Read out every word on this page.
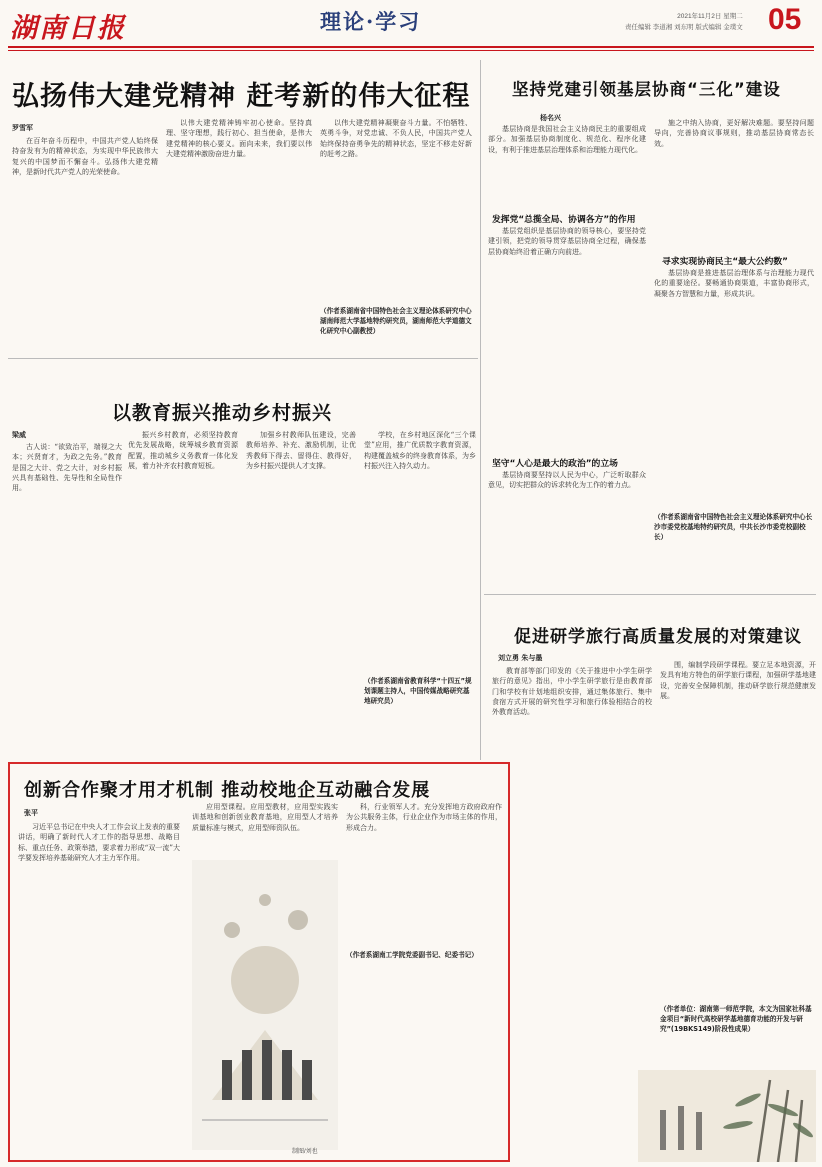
湖南日报	理论·学习	2021年11月2日 星期二
责任编辑 李道湘 刘东明 版式编辑 金璞文 05
弘扬伟大建党精神 赶考新的伟大征程
罗雪军

在百年奋斗历程中，中国共产党人始终保持奋发有为的精神状态，为实现中华民族伟大复兴的中国梦而不懈奋斗。弘扬伟大建党精神，是新时代共产党人的光荣使命。

以伟大建党精神铸牢初心使命。坚持真理、坚守理想，践行初心、担当使命，是伟大建党精神的核心要义。面向未来，我们要以伟大建党精神激励奋进力量。

以伟大建党精神凝聚奋斗力量。不怕牺牲、英勇斗争，对党忠诚、不负人民，中国共产党人始终保持奋勇争先的精神状态，坚定不移走好新的赶考之路。

（作者系湖南省中国特色社会主义理论体系研究中心湖南师范大学基地特约研究员，湖南师范大学道德文化研究中心副教授）
坚持党建引领基层协商“三化”建设
杨名兴

基层协商是我国社会主义协商民主的重要组成部分。加强基层协商制度化、规范化、程序化建设，有利于推进基层治理体系和治理能力现代化。

发挥党“总揽全局、协调各方”的作用

基层党组织是基层协商的领导核心，要坚持党建引领，把党的领导贯穿基层协商全过程，确保基层协商始终沿着正确方向前进。

坚守“人心是最大的政治”的立场

基层协商要坚持以人民为中心，广泛听取群众意见，切实把群众的诉求转化为工作的着力点。

施之中纳入协商，更好解决难题。要坚持问题导向，完善协商议事规则，推动基层协商常态长效。

寻求实现协商民主“最大公约数”

基层协商是推进基层治理体系与治理能力现代化的重要途径。要畅通协商渠道，丰富协商形式，凝聚各方智慧和力量，形成共识。

（作者系湖南省中国特色社会主义理论体系研究中心长沙市委党校基地特约研究员，中共长沙市委党校副校长）
以教育振兴推动乡村振兴
梁威

古人说：“欲致治平，端视之大本；兴贤育才，为政之先务。”教育是国之大计、党之大计，对乡村振兴具有基础性、先导性和全局性作用。

振兴乡村教育，必须坚持教育优先发展战略，统筹城乡教育资源配置，推动城乡义务教育一体化发展，着力补齐农村教育短板。

加强乡村教师队伍建设，完善教师培养、补充、激励机制，让优秀教师下得去、留得住、教得好，为乡村振兴提供人才支撑。

学校，在乡村地区深化“三个课堂”应用，推广优质数字教育资源，构建覆盖城乡的终身教育体系，为乡村振兴注入持久动力。

（作者系湖南省教育科学“十四五”规划课题主持人，中国传媒战略研究基地研究员）
促进研学旅行高质量发展的对策建议
刘立勇 朱与墨

教育部等部门印发的《关于推进中小学生研学旅行的意见》指出，中小学生研学旅行是由教育部门和学校有计划地组织安排，通过集体旅行、集中食宿方式开展的研究性学习和旅行体验相结合的校外教育活动。

围，编制学段研学课程。要立足本地资源，开发具有地方特色的研学旅行课程，加强研学基地建设，完善安全保障机制，推动研学旅行规范健康发展。

（作者单位：湖南第一师范学院，本文为国家社科基金项目“新时代高校研学基地德育功能的开发与研究”(19BKS149)阶段性成果）
创新合作聚才用才机制 推动校地企互动融合发展
张平

习近平总书记在中央人才工作会议上发表的重要讲话，明确了新时代人才工作的指导思想、战略目标、重点任务、政策举措，要求着力形成“双一流”大学要发挥培养基础研究人才主力军作用。

应用型课程。应用型教材，应用型实践实训基地和创新创业教育基地，应用型人才培养质量标准与模式，应用型师资队伍。

科，行业领军人才。充分发挥地方政府政府作为公共服务主体，行业企业作为市场主体的作用，形成合力。

（作者系湖南工学院党委副书记、纪委书记）
制图/刘也
